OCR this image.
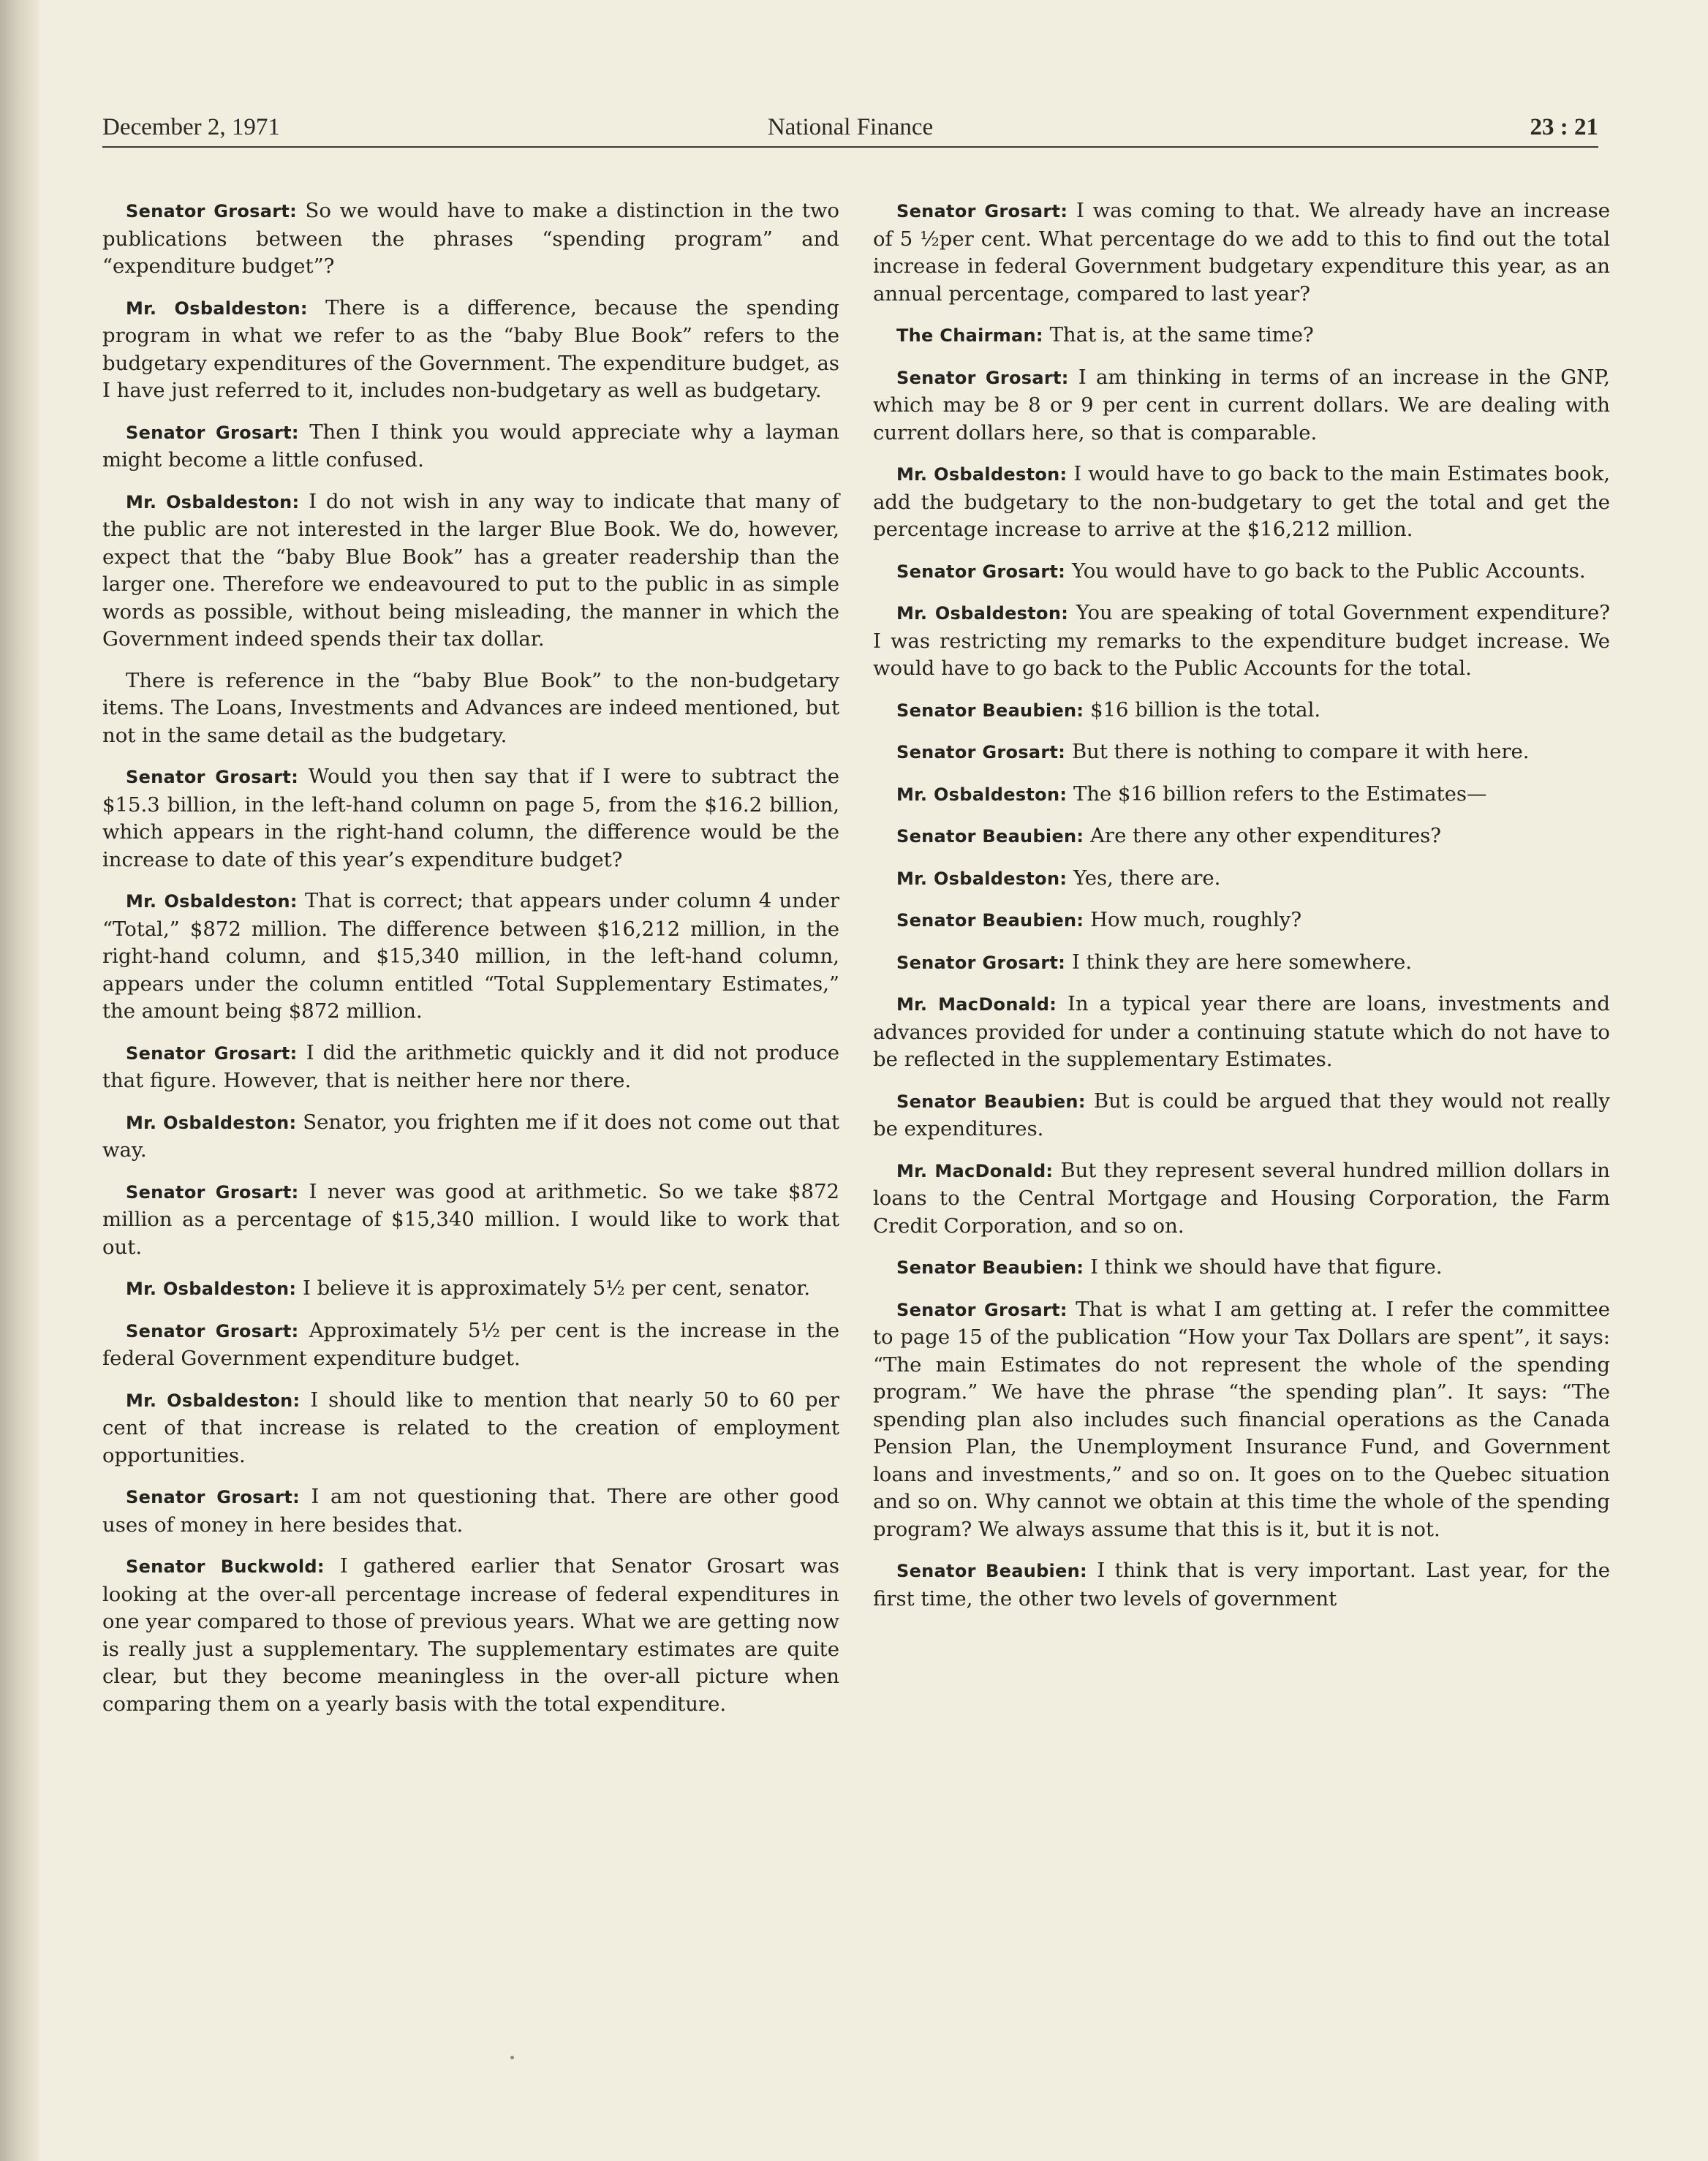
December 2, 1971	National Finance	23 : 21

Senator Grosart: So we would have to make a distinction in the two publications between the phrases “spending program” and “expenditure budget”?

Mr. Osbaldeston: There is a difference, because the spending program in what we refer to as the “baby Blue Book” refers to the budgetary expenditures of the Government. The expenditure budget, as I have just referred to it, includes non-budgetary as well as budgetary.

Senator Grosart: Then I think you would appreciate why a layman might become a little confused.

Mr. Osbaldeston: I do not wish in any way to indicate that many of the public are not interested in the larger Blue Book. We do, however, expect that the “baby Blue Book” has a greater readership than the larger one. Therefore we endeavoured to put to the public in as simple words as possible, without being misleading, the manner in which the Government indeed spends their tax dollar.

There is reference in the “baby Blue Book” to the non-budgetary items. The Loans, Investments and Advances are indeed mentioned, but not in the same detail as the budgetary.

Senator Grosart: Would you then say that if I were to subtract the $15.3 billion, in the left-hand column on page 5, from the $16.2 billion, which appears in the right-hand column, the difference would be the increase to date of this year’s expenditure budget?

Mr. Osbaldeston: That is correct; that appears under column 4 under “Total,” $872 million. The difference between $16,212 million, in the right-hand column, and $15,340 million, in the left-hand column, appears under the column entitled “Total Supplementary Estimates,” the amount being $872 million.

Senator Grosart: I did the arithmetic quickly and it did not produce that figure. However, that is neither here nor there.

Mr. Osbaldeston: Senator, you frighten me if it does not come out that way.

Senator Grosart: I never was good at arithmetic. So we take $872 million as a percentage of $15,340 million. I would like to work that out.

Mr. Osbaldeston: I believe it is approximately 5½ per cent, senator.

Senator Grosart: Approximately 5½ per cent is the increase in the federal Government expenditure budget.

Mr. Osbaldeston: I should like to mention that nearly 50 to 60 per cent of that increase is related to the creation of employment opportunities.

Senator Grosart: I am not questioning that. There are other good uses of money in here besides that.

Senator Buckwold: I gathered earlier that Senator Grosart was looking at the over-all percentage increase of federal expenditures in one year compared to those of previous years. What we are getting now is really just a supplementary. The supplementary estimates are quite clear, but they become meaningless in the over-all picture when comparing them on a yearly basis with the total expenditure.

Senator Grosart: I was coming to that. We already have an increase of 5 ½per cent. What percentage do we add to this to find out the total increase in federal Government budgetary expenditure this year, as an annual percentage, compared to last year?

The Chairman: That is, at the same time?

Senator Grosart: I am thinking in terms of an increase in the GNP, which may be 8 or 9 per cent in current dollars. We are dealing with current dollars here, so that is comparable.

Mr. Osbaldeston: I would have to go back to the main Estimates book, add the budgetary to the non-budgetary to get the total and get the percentage increase to arrive at the $16,212 million.

Senator Grosart: You would have to go back to the Public Accounts.

Mr. Osbaldeston: You are speaking of total Government expenditure? I was restricting my remarks to the expenditure budget increase. We would have to go back to the Public Accounts for the total.

Senator Beaubien: $16 billion is the total.

Senator Grosart: But there is nothing to compare it with here.

Mr. Osbaldeston: The $16 billion refers to the Estimates—

Senator Beaubien: Are there any other expenditures?

Mr. Osbaldeston: Yes, there are.

Senator Beaubien: How much, roughly?

Senator Grosart: I think they are here somewhere.

Mr. MacDonald: In a typical year there are loans, investments and advances provided for under a continuing statute which do not have to be reflected in the supplementary Estimates.

Senator Beaubien: But is could be argued that they would not really be expenditures.

Mr. MacDonald: But they represent several hundred million dollars in loans to the Central Mortgage and Housing Corporation, the Farm Credit Corporation, and so on.

Senator Beaubien: I think we should have that figure.

Senator Grosart: That is what I am getting at. I refer the committee to page 15 of the publication “How your Tax Dollars are spent”, it says: “The main Estimates do not represent the whole of the spending program.” We have the phrase “the spending plan”. It says: “The spending plan also includes such financial operations as the Canada Pension Plan, the Unemployment Insurance Fund, and Government loans and investments,” and so on. It goes on to the Quebec situation and so on. Why cannot we obtain at this time the whole of the spending program? We always assume that this is it, but it is not.

Senator Beaubien: I think that is very important. Last year, for the first time, the other two levels of government
